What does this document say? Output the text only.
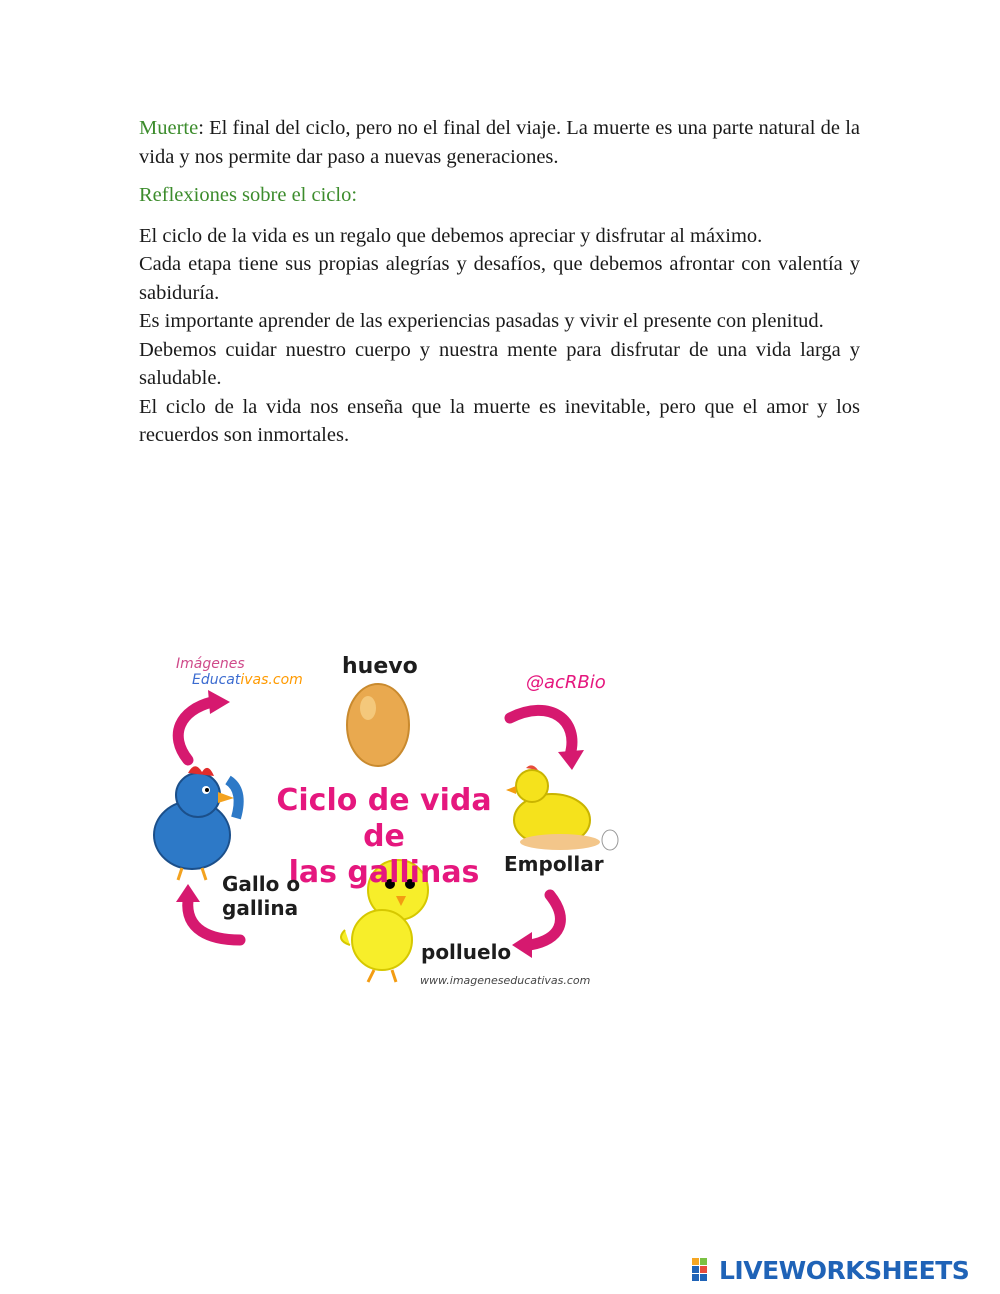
Muerte: El final del ciclo, pero no el final del viaje. La muerte es una parte natural de la vida y nos permite dar paso a nuevas generaciones.

Reflexiones sobre el ciclo:

El ciclo de la vida es un regalo que debemos apreciar y disfrutar al máximo.

Cada etapa tiene sus propias alegrías y desafíos, que debemos afrontar con valentía y sabiduría.

Es importante aprender de las experiencias pasadas y vivir el presente con plenitud.

Debemos cuidar nuestro cuerpo y nuestra mente para disfrutar de una vida larga y saludable.

El ciclo de la vida nos enseña que la muerte es inevitable, pero que el amor y los recuerdos son inmortales.

Imágenes
Educativas.com
huevo
@acRBio
Ciclo de vida de
las gallinas	Empollar
Gallo o
gallina
polluelo
www.imageneseducativas.com
LIVEWORKSHEETS
